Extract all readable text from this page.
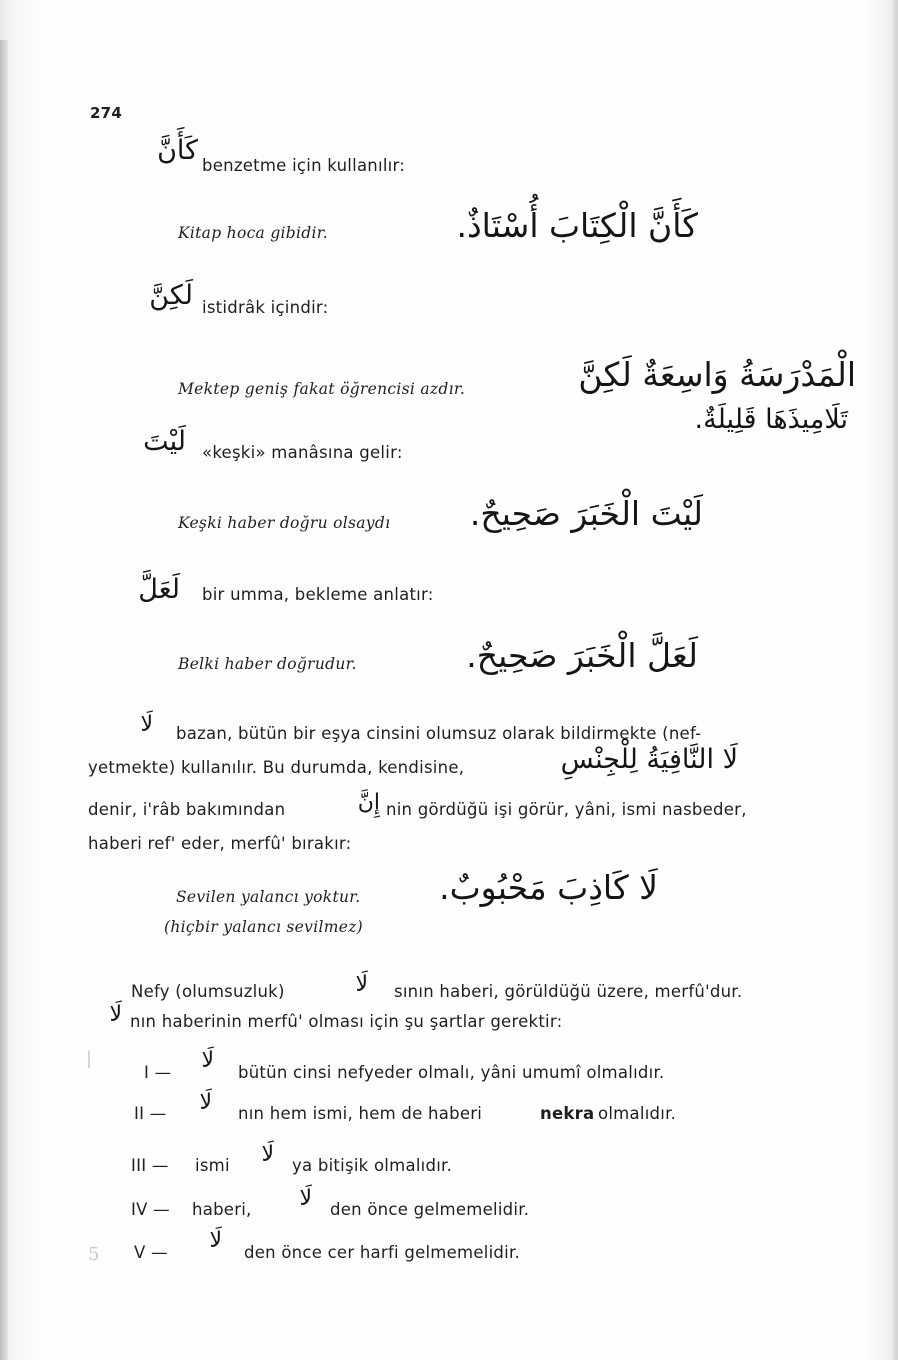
274
كَأَنَّ benzetme için kullanılır:
Kitap hoca gibidir.	كَأَنَّ الْكِتَابَ أُسْتَاذٌ.
لَكِنَّ istidrâk içindir:
Mektep geniş fakat öğrencisi azdır.	الْمَدْرَسَةُ وَاسِعَةٌ لَكِنَّ
تَلَامِيذَهَا قَلِيلَةٌ.
لَيْتَ «keşki» manâsına gelir:
Keşki haber doğru olsaydı لَيْتَ الْخَبَرَ صَحِيحٌ.
لَعَلَّ bir umma, bekleme anlatır:
Belki haber doğrudur.	لَعَلَّ الْخَبَرَ صَحِيحٌ.
لَا bazan, bütün bir eşya cinsini olumsuz olarak bildirmekte (nef-
yetmekte) kullanılır. Bu durumda, kendisine,	لَا النَّافِيَةُ لِلْجِنْسِ
denir, i'râb bakımından	إِنَّ nin gördüğü işi görür, yâni, ismi nasbeder,
haberi ref' eder, merfû' bırakır:
Sevilen yalancı yoktur.
(hiçbir yalancı sevilmez)
لَا كَاذِبَ مَحْبُوبٌ.
Nefy (olumsuzluk)	لَا sının haberi, görüldüğü üzere, merfû'dur.
لَا nın haberinin merfû' olması için şu şartlar gerektir:
I — لَا bütün cinsi nefyeder olmalı, yâni umumî olmalıdır.
II — لَا nın hem ismi, hem de haberi	nekra olmalıdır.
III — ismi لَا ya bitişik olmalıdır.
IV — haberi, لَا den önce gelmemelidir.
V — لَا den önce cer harfi gelmemelidir.
|
5
